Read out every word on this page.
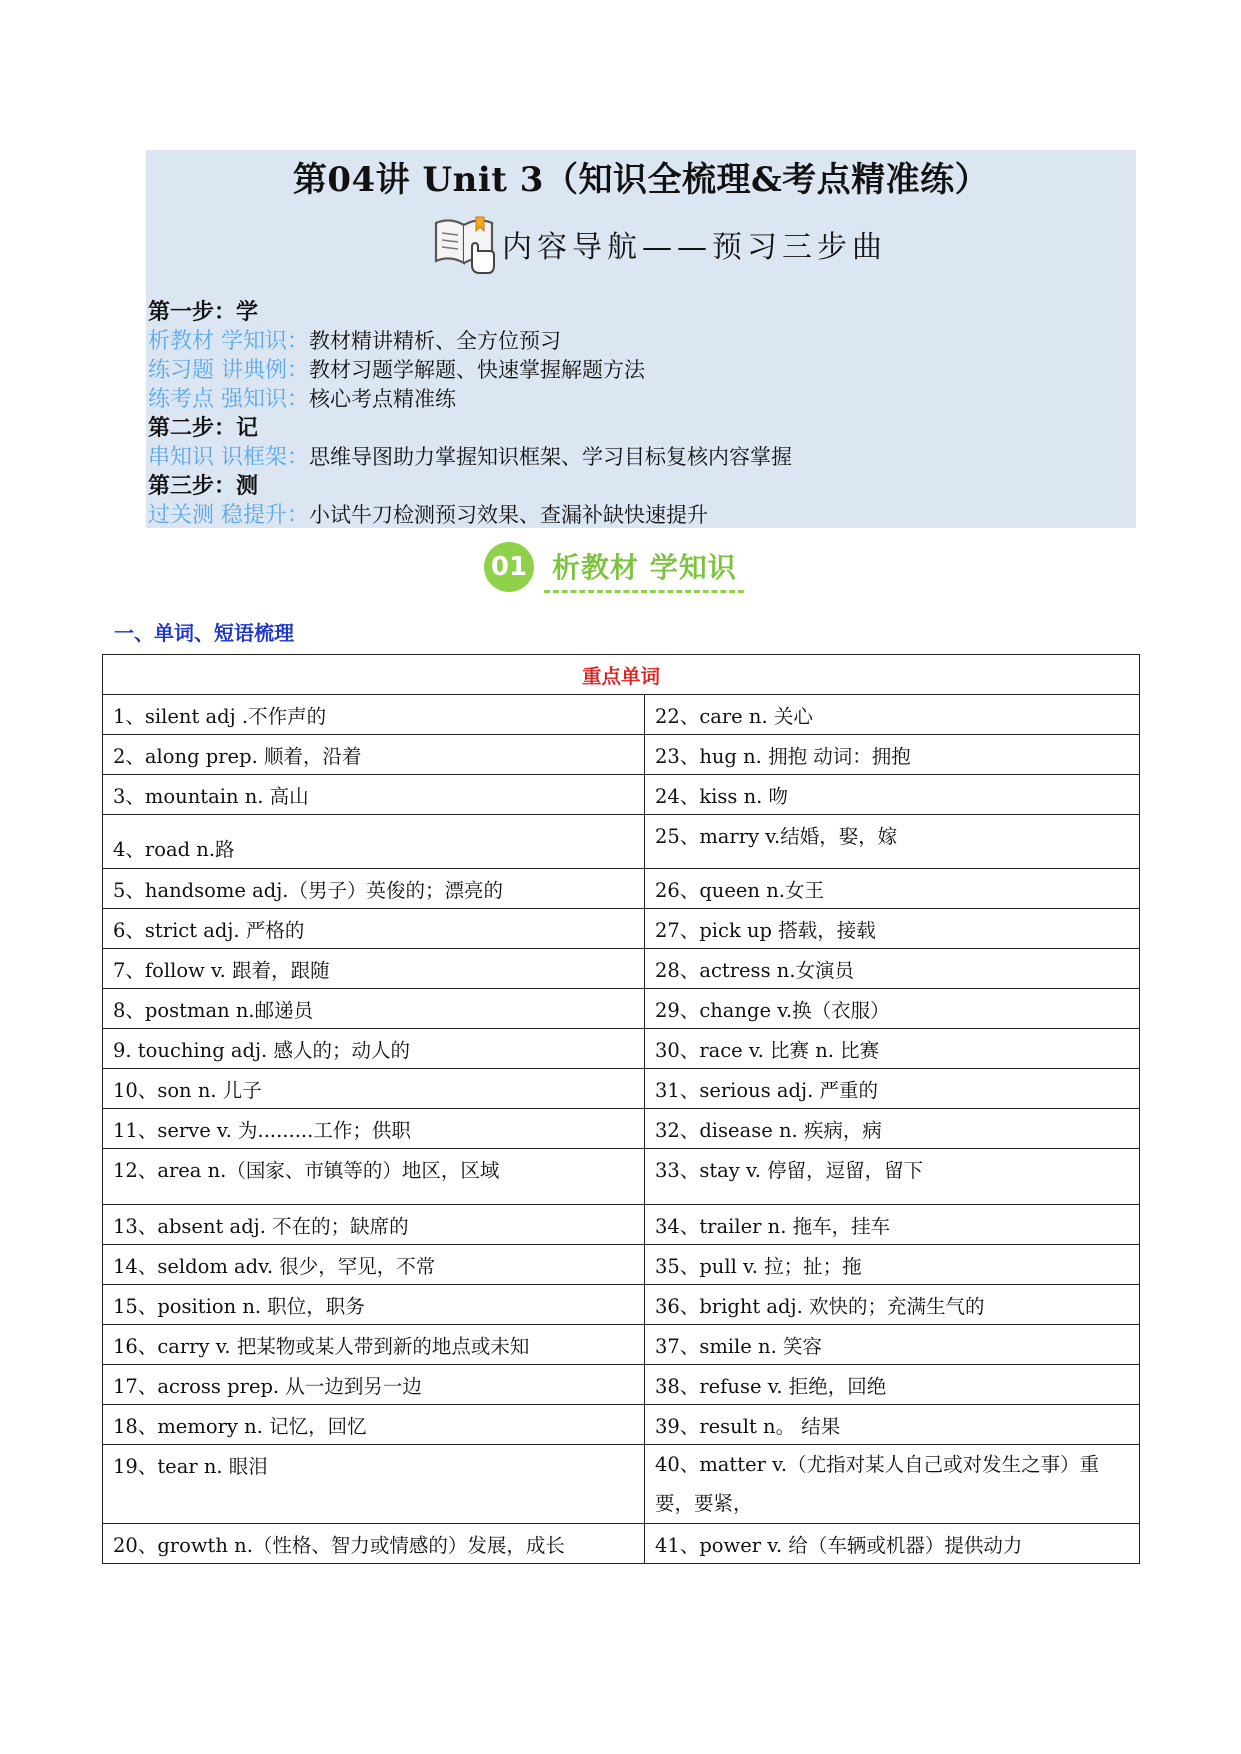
第04讲 Unit 3（知识全梳理&考点精准练）
内容导航——预习三步曲
第一步：学
析教材 学知识：教材精讲精析、全方位预习
练习题 讲典例：教材习题学解题、快速掌握解题方法
练考点 强知识：核心考点精准练
第二步：记
串知识 识框架：思维导图助力掌握知识框架、学习目标复核内容掌握
第三步：测
过关测 稳提升：小试牛刀检测预习效果、查漏补缺快速提升
01 析教材 学知识
一、单词、短语梳理
重点单词	
1、silent adj .不作声的	22、care n. 关心
2、along prep. 顺着，沿着	23、hug n. 拥抱 动词：拥抱
3、mountain n. 高山	24、kiss n. 吻
4、road n.路	25、marry v.结婚，娶，嫁
5、handsome adj.（男子）英俊的；漂亮的	26、queen n.女王
6、strict adj. 严格的	27、pick up 搭载，接载
7、follow v. 跟着，跟随	28、actress n.女演员
8、postman n.邮递员	29、change v.换（衣服）
9. touching adj. 感人的；动人的	30、race v. 比赛 n. 比赛
10、son n. 儿子	31、serious adj. 严重的
11、serve v. 为.........工作；供职	32、disease n. 疾病，病
12、area n.（国家、市镇等的）地区，区域	33、stay v. 停留，逗留，留下
13、absent adj. 不在的；缺席的	34、trailer n. 拖车，挂车
14、seldom adv. 很少，罕见，不常	35、pull v. 拉；扯；拖
15、position n. 职位，职务	36、bright adj. 欢快的；充满生气的
16、carry v. 把某物或某人带到新的地点或未知	37、smile n. 笑容
17、across prep. 从一边到另一边	38、refuse v. 拒绝，回绝
18、memory n. 记忆，回忆	39、result n。 结果
19、tear n. 眼泪	40、matter v.（尤指对某人自己或对发生之事）重要，要紧，
20、growth n.（性格、智力或情感的）发展，成长	41、power v. 给（车辆或机器）提供动力
